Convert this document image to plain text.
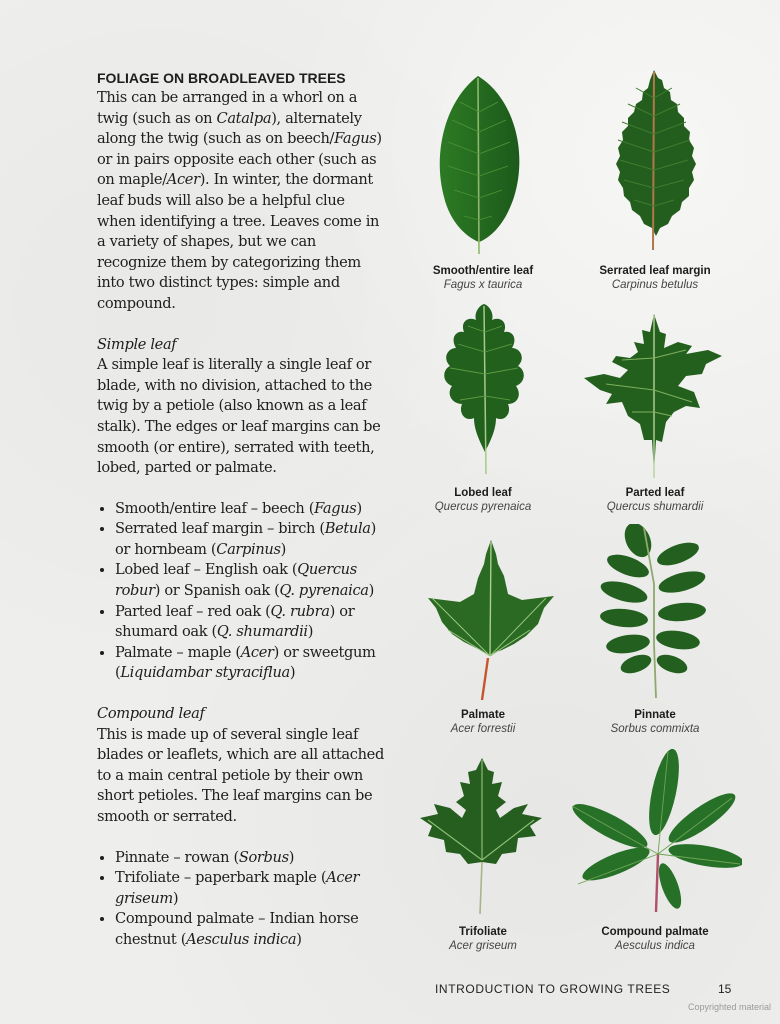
FOLIAGE ON BROADLEAVED TREES

This can be arranged in a whorl on a twig (such as on Catalpa), alternately along the twig (such as on beech/Fagus) or in pairs opposite each other (such as on maple/Acer). In winter, the dormant leaf buds will also be a helpful clue when identifying a tree. Leaves come in a variety of shapes, but we can recognize them by categorizing them into two distinct types: simple and compound.

Simple leaf

A simple leaf is literally a single leaf or blade, with no division, attached to the twig by a petiole (also known as a leaf stalk). The edges or leaf margins can be smooth (or entire), serrated with teeth, lobed, parted or palmate.

• Smooth/entire leaf – beech (Fagus)
• Serrated leaf margin – birch (Betula) or hornbeam (Carpinus)
• Lobed leaf – English oak (Quercus robur) or Spanish oak (Q. pyrenaica)
• Parted leaf – red oak (Q. rubra) or shumard oak (Q. shumardii)
• Palmate – maple (Acer) or sweetgum (Liquidambar styraciflua)

Compound leaf

This is made up of several single leaf blades or leaflets, which are all attached to a main central petiole by their own short petioles. The leaf margins can be smooth or serrated.

• Pinnate – rowan (Sorbus)
• Trifoliate – paperbark maple (Acer griseum)
• Compound palmate – Indian horse chestnut (Aesculus indica)
Smooth/entire leaf
Fagus x taurica
Serrated leaf margin
Carpinus betulus
Lobed leaf
Quercus pyrenaica
Parted leaf
Quercus shumardii
Palmate
Acer forrestii
Pinnate
Sorbus commixta
Trifoliate
Acer griseum
Compound palmate
Aesculus indica
INTRODUCTION TO GROWING TREES	15
Copyrighted material
